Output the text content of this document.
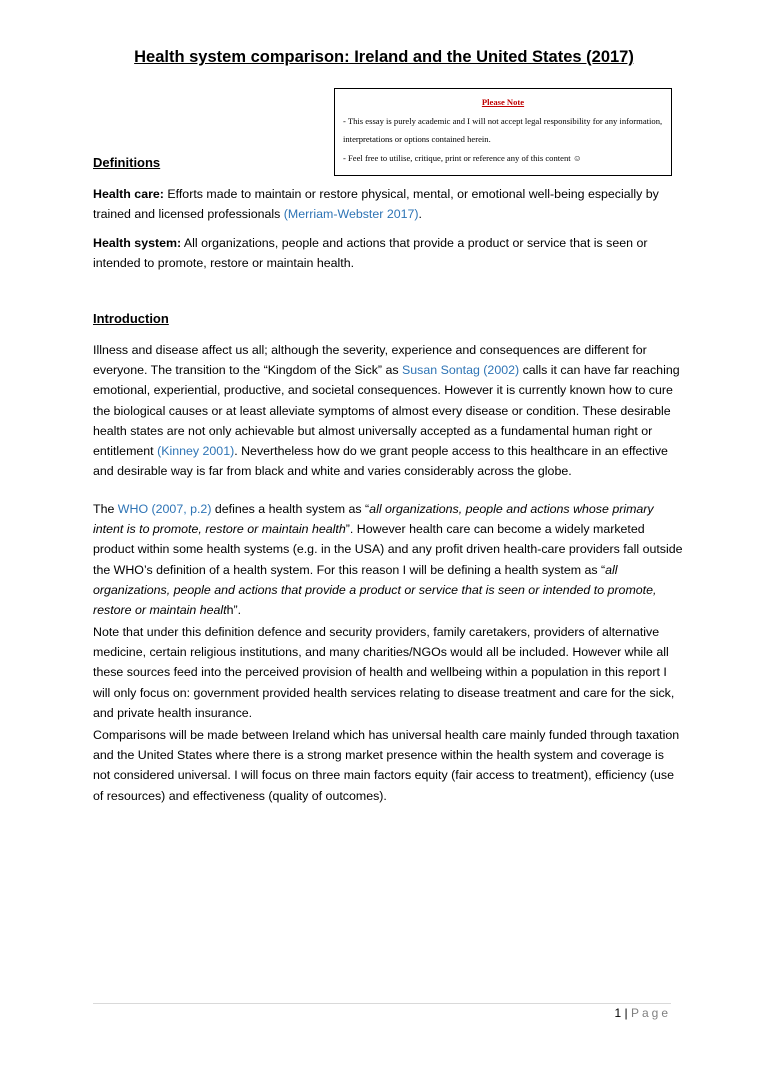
Health system comparison: Ireland and the United States (2017)
Please Note
- This essay is purely academic and I will not accept legal responsibility for any information, interpretations or options contained herein.
- Feel free to utilise, critique, print or reference any of this content ☺
Definitions
Health care: Efforts made to maintain or restore physical, mental, or emotional well-being especially by trained and licensed professionals (Merriam-Webster 2017).
Health system: All organizations, people and actions that provide a product or service that is seen or intended to promote, restore or maintain health.
Introduction
Illness and disease affect us all; although the severity, experience and consequences are different for everyone. The transition to the “Kingdom of the Sick” as Susan Sontag (2002) calls it can have far reaching emotional, experiential, productive, and societal consequences. However it is currently known how to cure the biological causes or at least alleviate symptoms of almost every disease or condition. These desirable health states are not only achievable but almost universally accepted as a fundamental human right or entitlement (Kinney 2001). Nevertheless how do we grant people access to this healthcare in an effective and desirable way is far from black and white and varies considerably across the globe.
The WHO (2007, p.2) defines a health system as “all organizations, people and actions whose primary intent is to promote, restore or maintain health”. However health care can become a widely marketed product within some health systems (e.g. in the USA) and any profit driven health-care providers fall outside the WHO’s definition of a health system. For this reason I will be defining a health system as “all organizations, people and actions that provide a product or service that is seen or intended to promote, restore or maintain health”.
Note that under this definition defence and security providers, family caretakers, providers of alternative medicine, certain religious institutions, and many charities/NGOs would all be included. However while all these sources feed into the perceived provision of health and wellbeing within a population in this report I will only focus on: government provided health services relating to disease treatment and care for the sick, and private health insurance.
Comparisons will be made between Ireland which has universal health care mainly funded through taxation and the United States where there is a strong market presence within the health system and coverage is not considered universal. I will focus on three main factors equity (fair access to treatment), efficiency (use of resources) and effectiveness (quality of outcomes).
1 | Page
